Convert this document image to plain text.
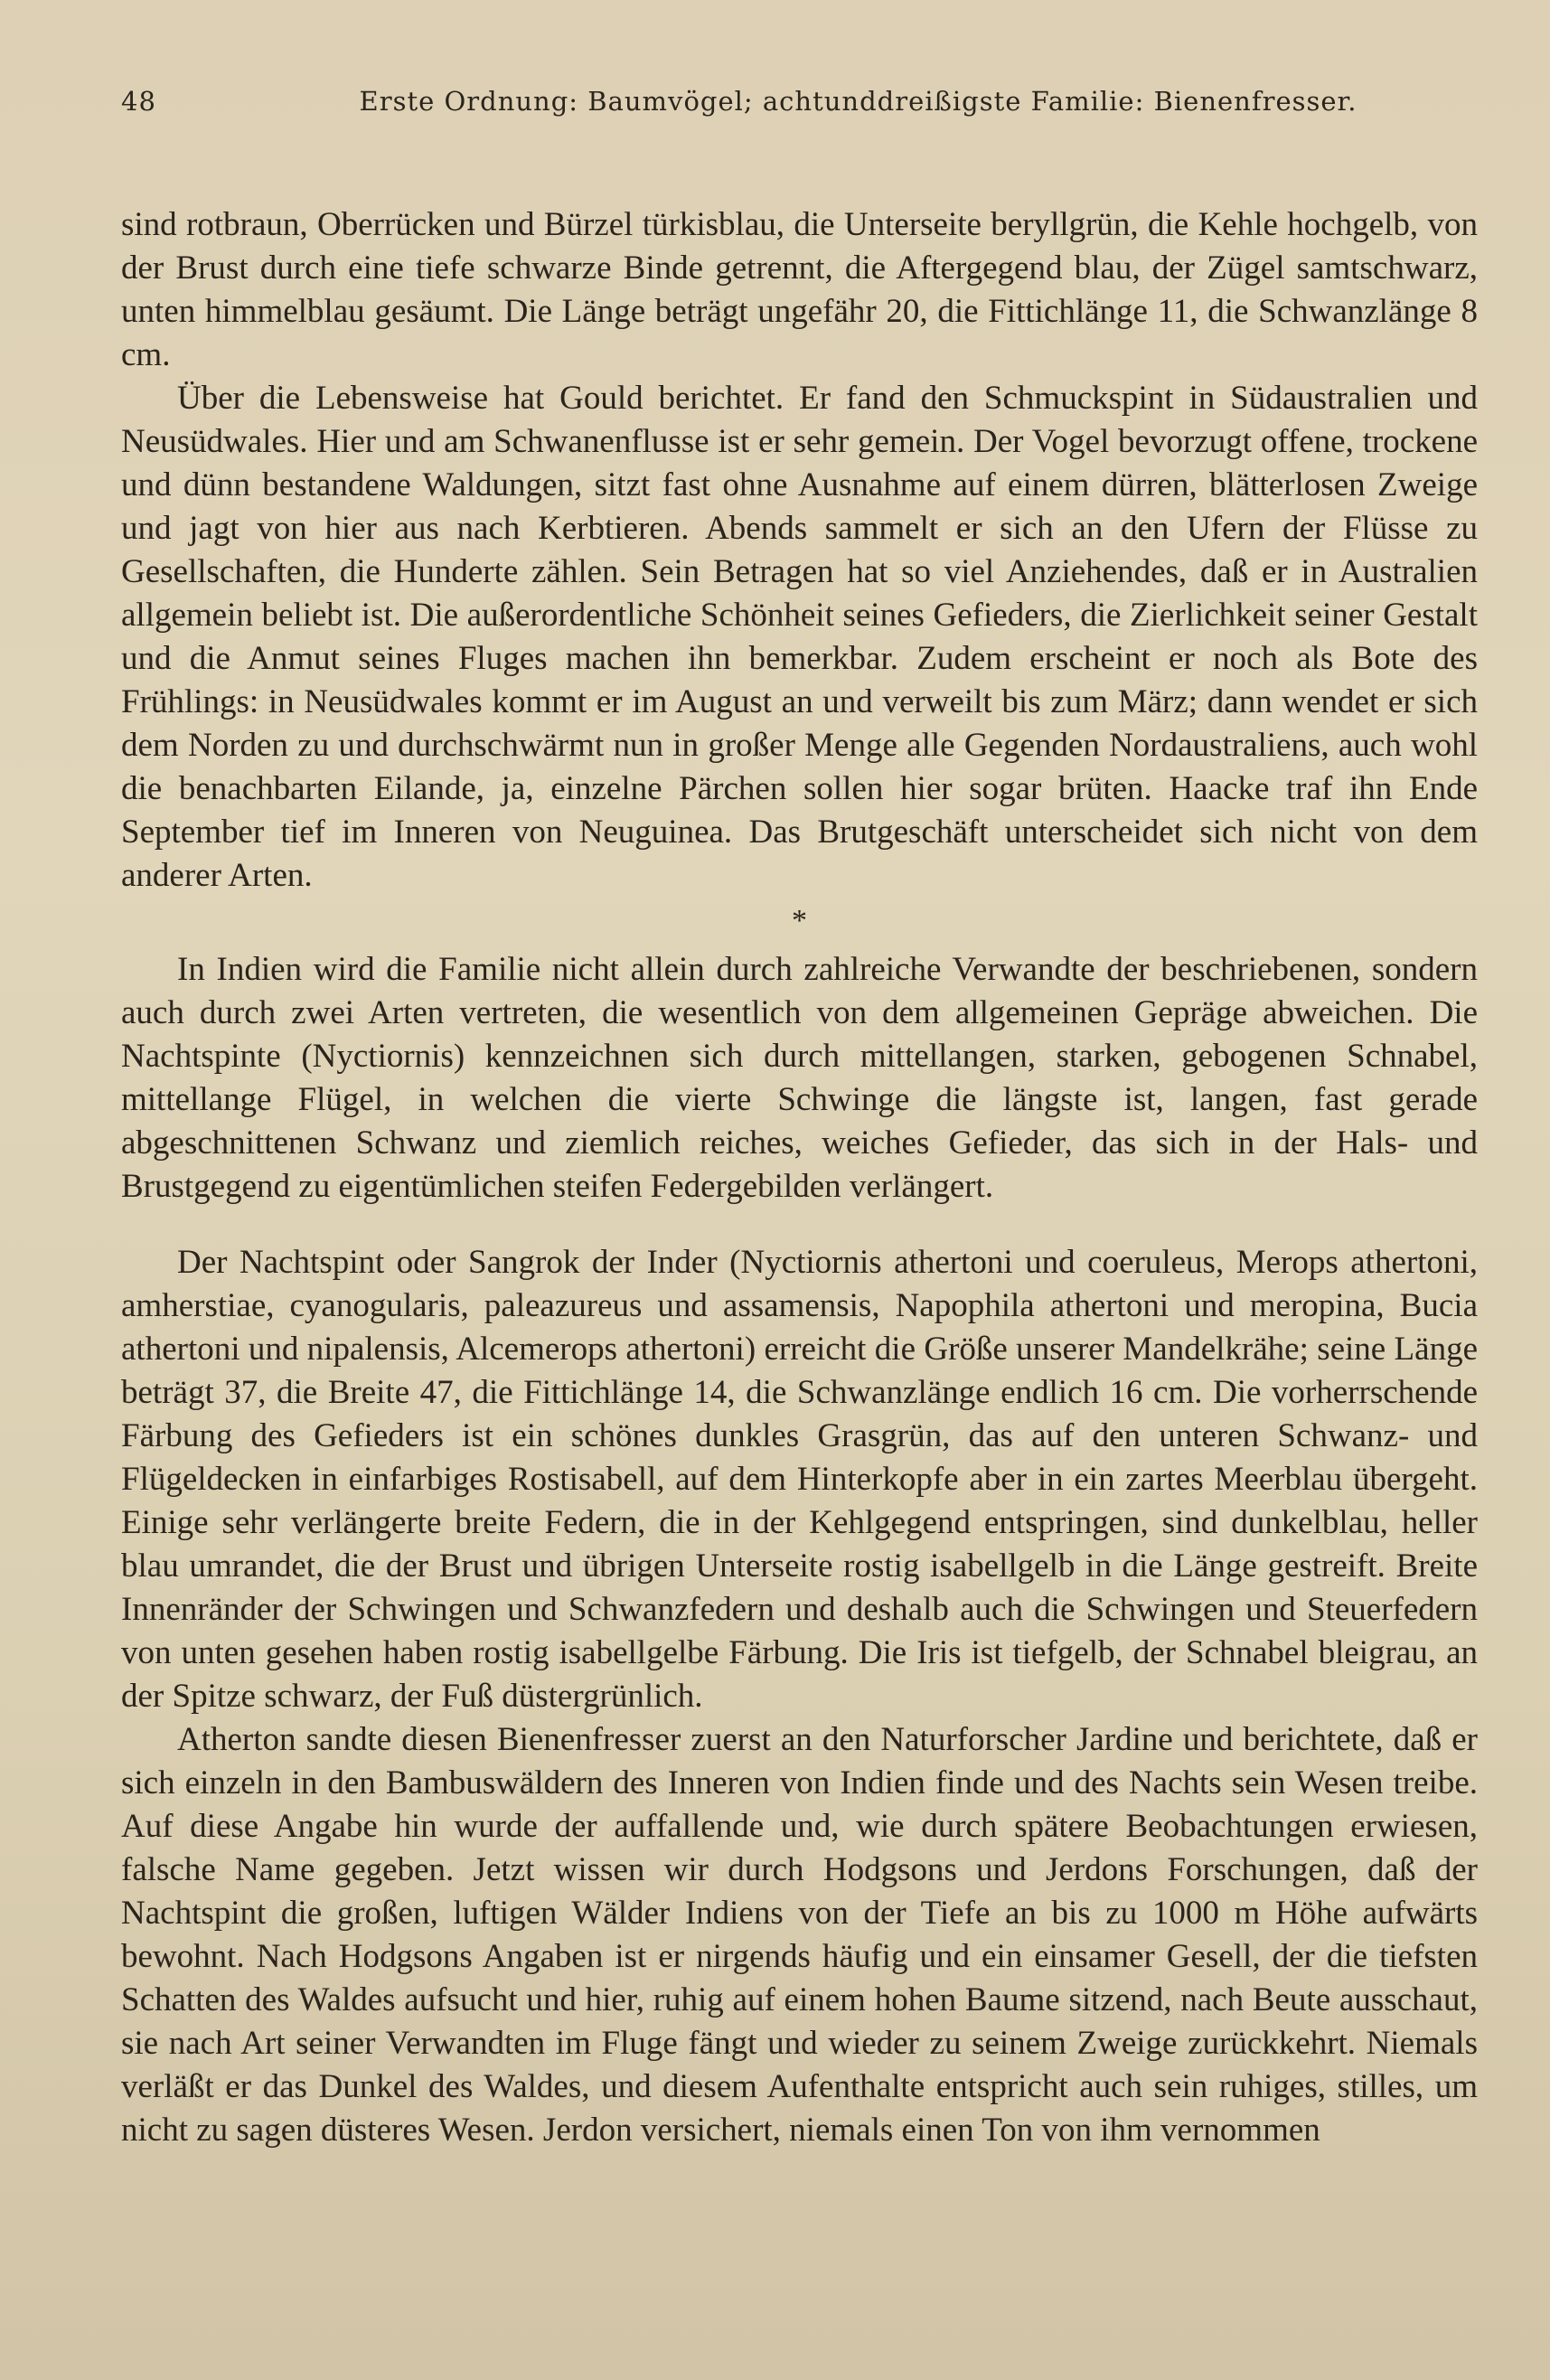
48	Erste Ordnung: Baumvögel; achtunddreißigste Familie: Bienenfresser.

sind rotbraun, Oberrücken und Bürzel türkisblau, die Unterseite beryllgrün, die Kehle hochgelb, von der Brust durch eine tiefe schwarze Binde getrennt, die Aftergegend blau, der Zügel samtschwarz, unten himmelblau gesäumt. Die Länge beträgt ungefähr 20, die Fittichlänge 11, die Schwanzlänge 8 cm.

Über die Lebensweise hat Gould berichtet. Er fand den Schmuckspint in Südaustralien und Neusüdwales. Hier und am Schwanenflusse ist er sehr gemein. Der Vogel bevorzugt offene, trockene und dünn bestandene Waldungen, sitzt fast ohne Ausnahme auf einem dürren, blätterlosen Zweige und jagt von hier aus nach Kerbtieren. Abends sammelt er sich an den Ufern der Flüsse zu Gesellschaften, die Hunderte zählen. Sein Betragen hat so viel Anziehendes, daß er in Australien allgemein beliebt ist. Die außerordentliche Schönheit seines Gefieders, die Zierlichkeit seiner Gestalt und die Anmut seines Fluges machen ihn bemerkbar. Zudem erscheint er noch als Bote des Frühlings: in Neusüdwales kommt er im August an und verweilt bis zum März; dann wendet er sich dem Norden zu und durchschwärmt nun in großer Menge alle Gegenden Nordaustraliens, auch wohl die benachbarten Eilande, ja, einzelne Pärchen sollen hier sogar brüten. Haacke traf ihn Ende September tief im Inneren von Neuguinea. Das Brutgeschäft unterscheidet sich nicht von dem anderer Arten.

*

In Indien wird die Familie nicht allein durch zahlreiche Verwandte der beschriebenen, sondern auch durch zwei Arten vertreten, die wesentlich von dem allgemeinen Gepräge abweichen. Die Nachtspinte (Nyctiornis) kennzeichnen sich durch mittellangen, starken, gebogenen Schnabel, mittellange Flügel, in welchen die vierte Schwinge die längste ist, langen, fast gerade abgeschnittenen Schwanz und ziemlich reiches, weiches Gefieder, das sich in der Hals- und Brustgegend zu eigentümlichen steifen Federgebilden verlängert.

Der Nachtspint oder Sangrok der Inder (Nyctiornis athertoni und coeruleus, Merops athertoni, amherstiae, cyanogularis, paleazureus und assamensis, Napophila athertoni und meropina, Bucia athertoni und nipalensis, Alcemerops athertoni) erreicht die Größe unserer Mandelkrähe; seine Länge beträgt 37, die Breite 47, die Fittichlänge 14, die Schwanzlänge endlich 16 cm. Die vorherrschende Färbung des Gefieders ist ein schönes dunkles Grasgrün, das auf den unteren Schwanz- und Flügeldecken in einfarbiges Rostisabell, auf dem Hinterkopfe aber in ein zartes Meerblau übergeht. Einige sehr verlängerte breite Federn, die in der Kehlgegend entspringen, sind dunkelblau, heller blau umrandet, die der Brust und übrigen Unterseite rostig isabellgelb in die Länge gestreift. Breite Innenränder der Schwingen und Schwanzfedern und deshalb auch die Schwingen und Steuerfedern von unten gesehen haben rostig isabellgelbe Färbung. Die Iris ist tiefgelb, der Schnabel bleigrau, an der Spitze schwarz, der Fuß düstergrünlich.

Atherton sandte diesen Bienenfresser zuerst an den Naturforscher Jardine und berichtete, daß er sich einzeln in den Bambuswäldern des Inneren von Indien finde und des Nachts sein Wesen treibe. Auf diese Angabe hin wurde der auffallende und, wie durch spätere Beobachtungen erwiesen, falsche Name gegeben. Jetzt wissen wir durch Hodgsons und Jerdons Forschungen, daß der Nachtspint die großen, luftigen Wälder Indiens von der Tiefe an bis zu 1000 m Höhe aufwärts bewohnt. Nach Hodgsons Angaben ist er nirgends häufig und ein einsamer Gesell, der die tiefsten Schatten des Waldes aufsucht und hier, ruhig auf einem hohen Baume sitzend, nach Beute ausschaut, sie nach Art seiner Verwandten im Fluge fängt und wieder zu seinem Zweige zurückkehrt. Niemals verläßt er das Dunkel des Waldes, und diesem Aufenthalte entspricht auch sein ruhiges, stilles, um nicht zu sagen düsteres Wesen. Jerdon versichert, niemals einen Ton von ihm vernommen
